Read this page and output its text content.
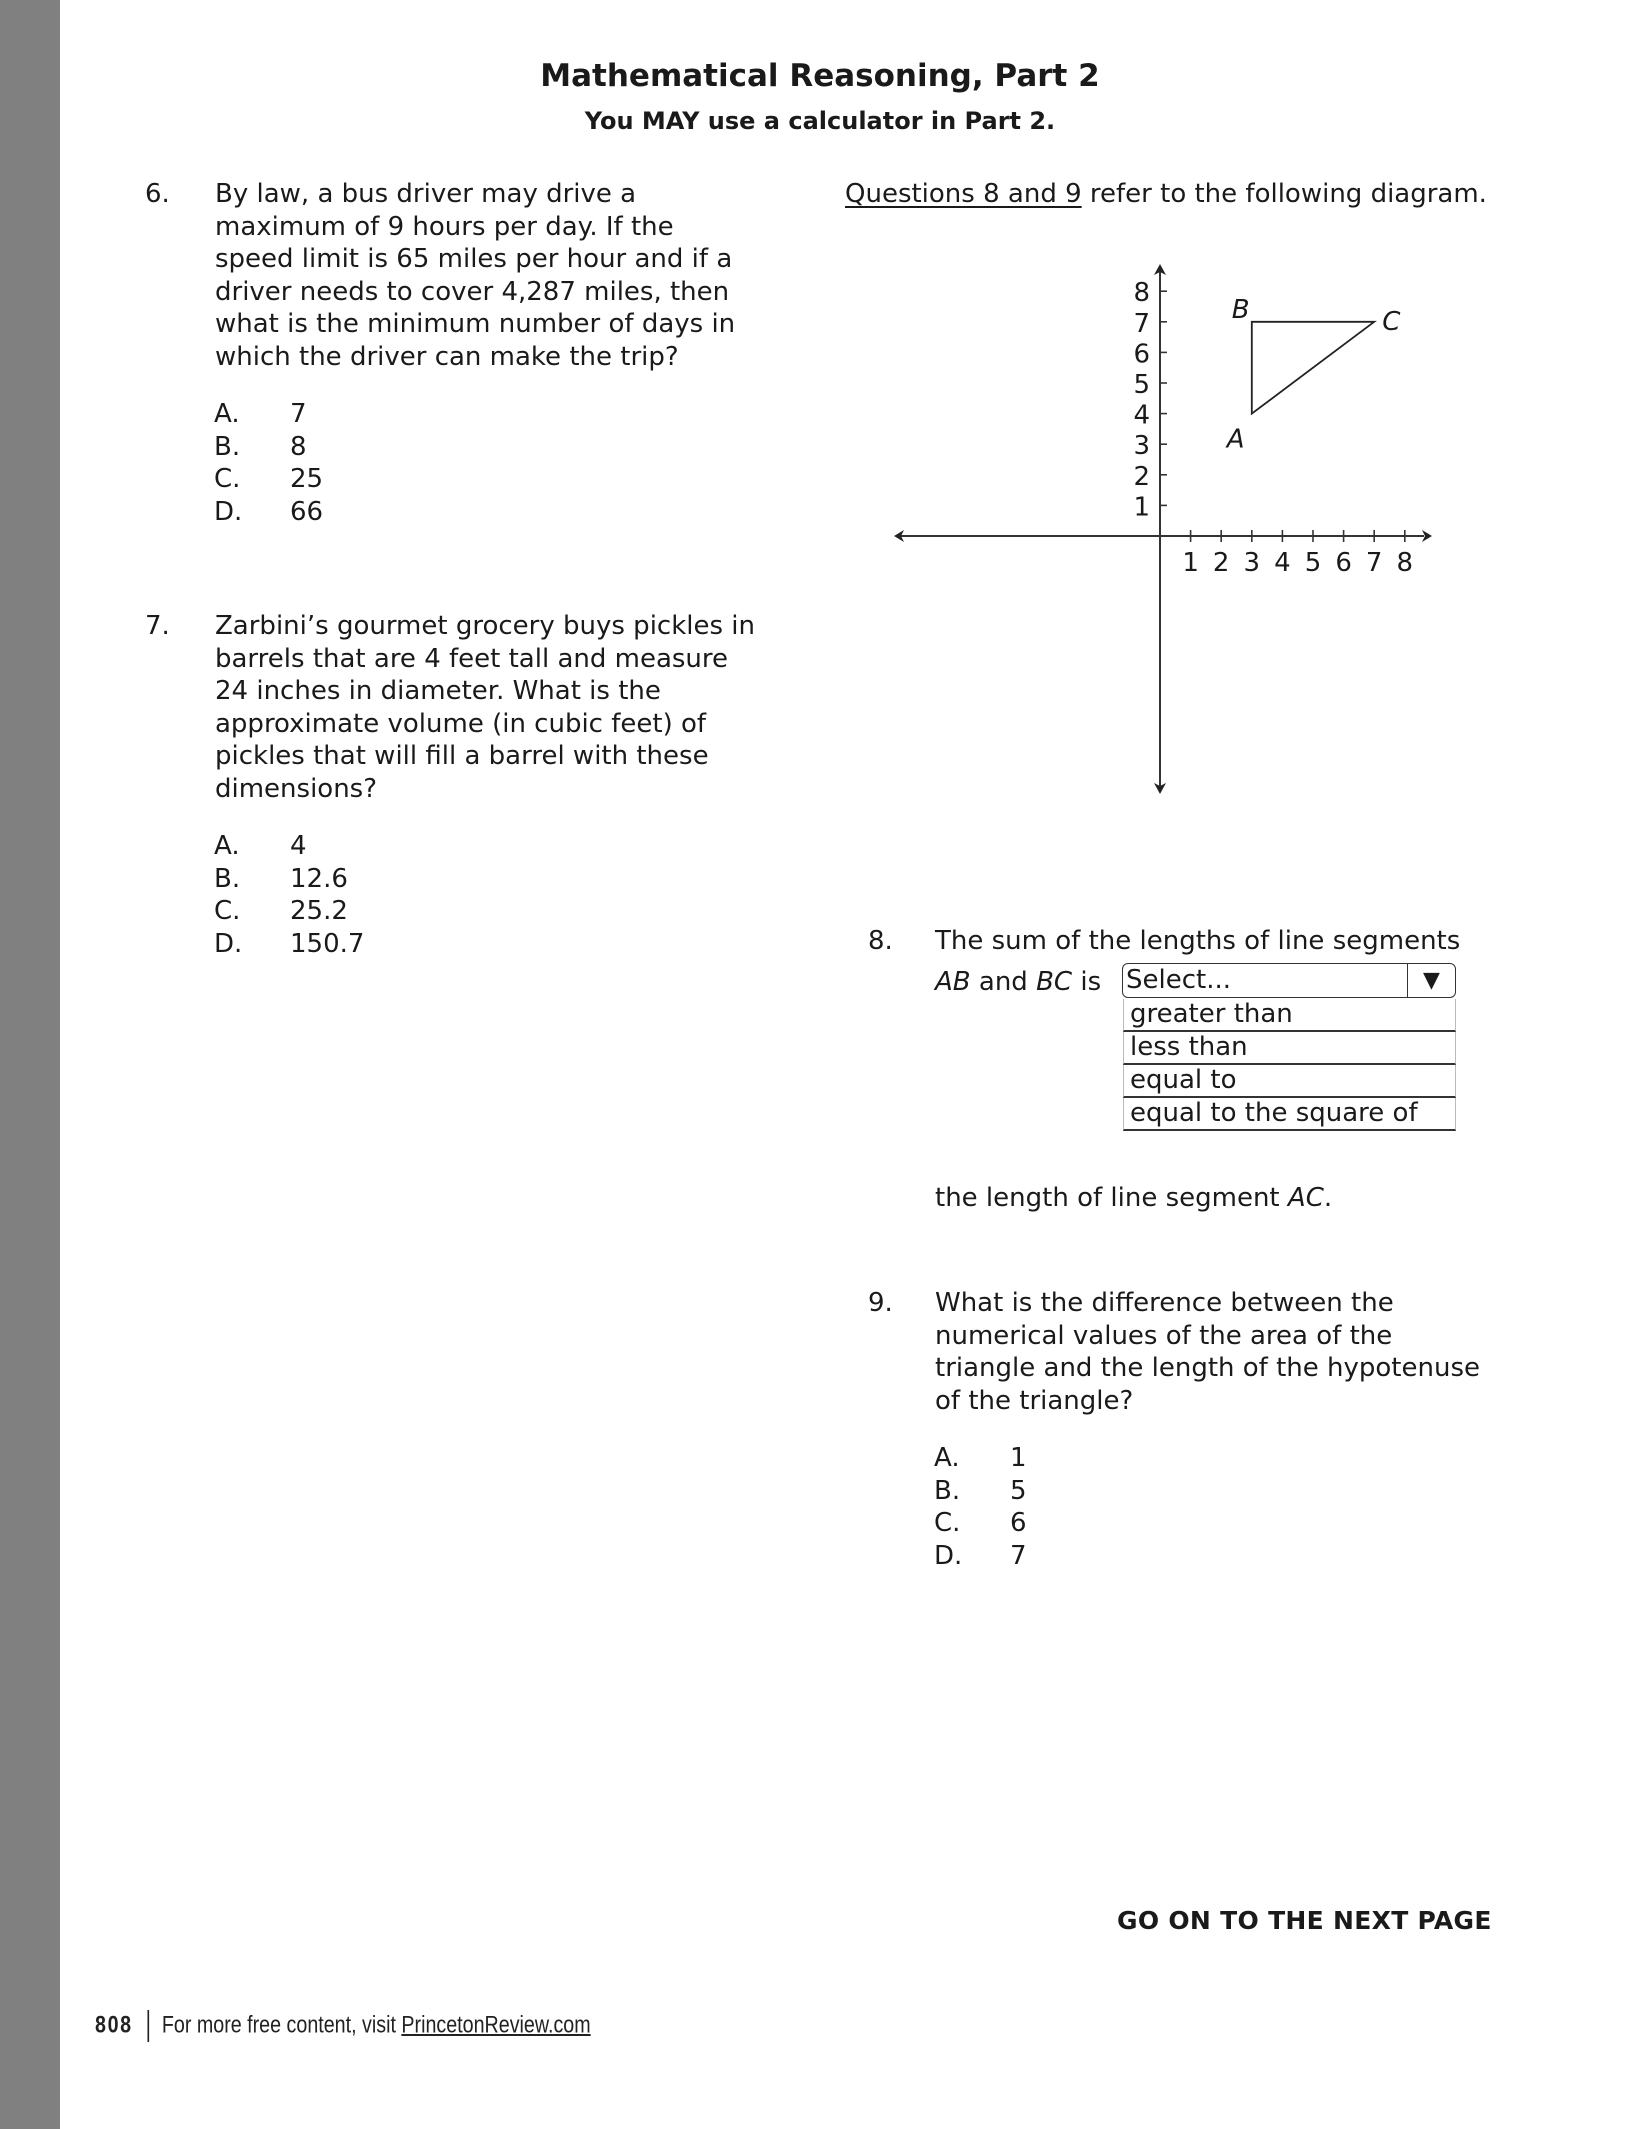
Mathematical Reasoning, Part 2
You MAY use a calculator in Part 2.
6. By law, a bus driver may drive a
maximum of 9 hours per day. If the
speed limit is 65 miles per hour and if a
driver needs to cover 4,287 miles, then
what is the minimum number of days in
which the driver can make the trip?
A. 7
B. 8
C. 25
D. 66
7. Zarbini’s gourmet grocery buys pickles in
barrels that are 4 feet tall and measure
24 inches in diameter. What is the
approximate volume (in cubic feet) of
pickles that will fill a barrel with these
dimensions?
A. 4
B. 12.6
C. 25.2
D. 150.7
Questions 8 and 9 refer to the following diagram.
1 2 3 4 5 6 7 8
1
2
3
4
5
6
7
8
A
B	C
8. The sum of the lengths of line segments
AB and BC is
the length of line segment AC.
Select...	▼
greater than
less than
equal to
equal to the square of
9. What is the difference between the
numerical values of the area of the
triangle and the length of the hypotenuse
of the triangle?
A. 1
B. 5
C. 6
D. 7
GO ON TO THE NEXT PAGE
808 For more free content, visit PrincetonReview.com
